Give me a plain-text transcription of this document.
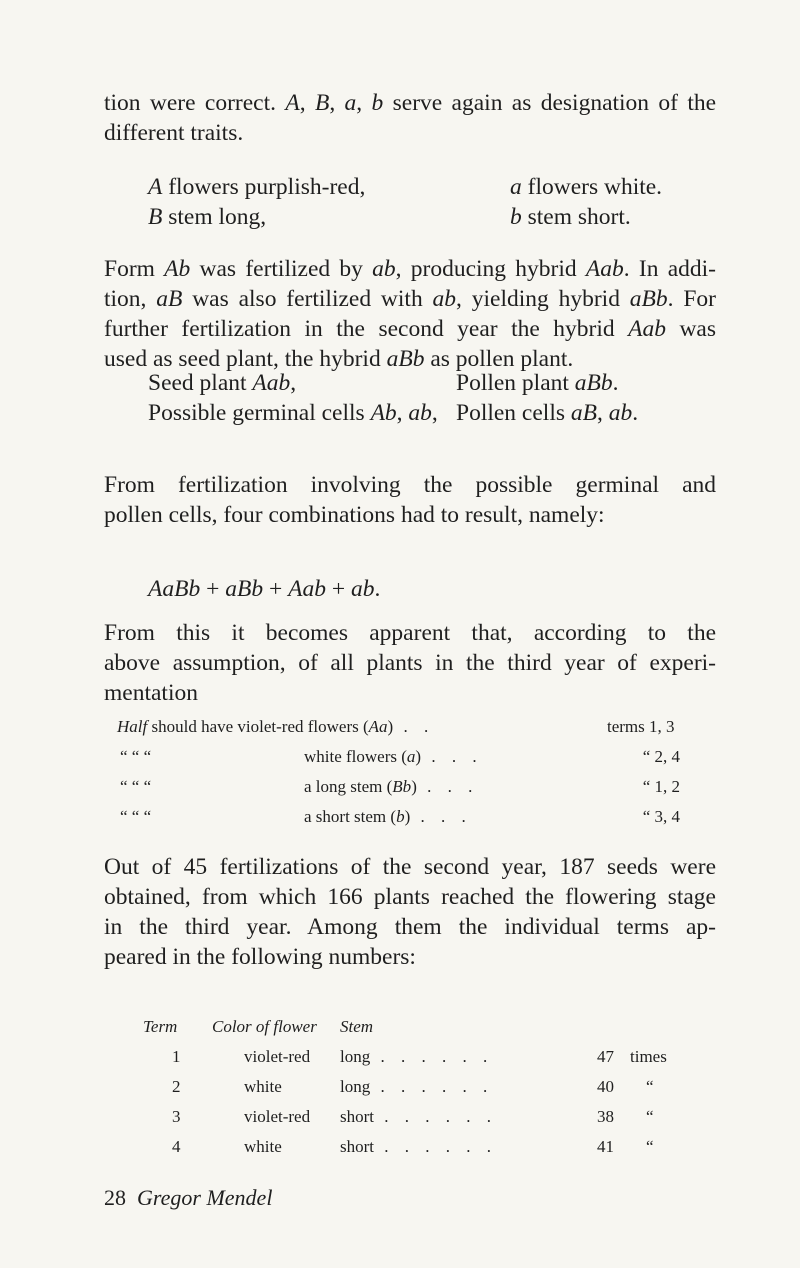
tion were correct. A, B, a, b serve again as designation of the
different traits.
A flowers purplish-red,	a flowers white.
B stem long,	b stem short.
Form Ab was fertilized by ab, producing hybrid Aab. In addi-
tion, aB was also fertilized with ab, yielding hybrid aBb. For
further fertilization in the second year the hybrid Aab was
used as seed plant, the hybrid aBb as pollen plant.
Seed plant Aab,	Pollen plant aBb.
Possible germinal cells Ab, ab, Pollen cells aB, ab.
From fertilization involving the possible germinal and
pollen cells, four combinations had to result, namely:
AaBb + aBb + Aab + ab.
From this it becomes apparent that, according to the
above assumption, of all plants in the third year of experi-
mentation
Half should have violet-red flowers (Aa) . .	terms 1, 3
“ “ “	white flowers (a) . . .	“ 2, 4
“ “ “	a long stem (Bb) . . .	“ 1, 2
“ “ “	a short stem (b) . . .	“ 3, 4
Out of 45 fertilizations of the second year, 187 seeds were
obtained, from which 166 plants reached the flowering stage
in the third year. Among them the individual terms ap-
peared in the following numbers:
Term Color of flower Stem
1	violet-red long . . . . . .	47 times
2	white	long . . . . . .	40 “
3	violet-red short . . . . . .	38 “
4	white	short . . . . . .	41 “
28 Gregor Mendel
